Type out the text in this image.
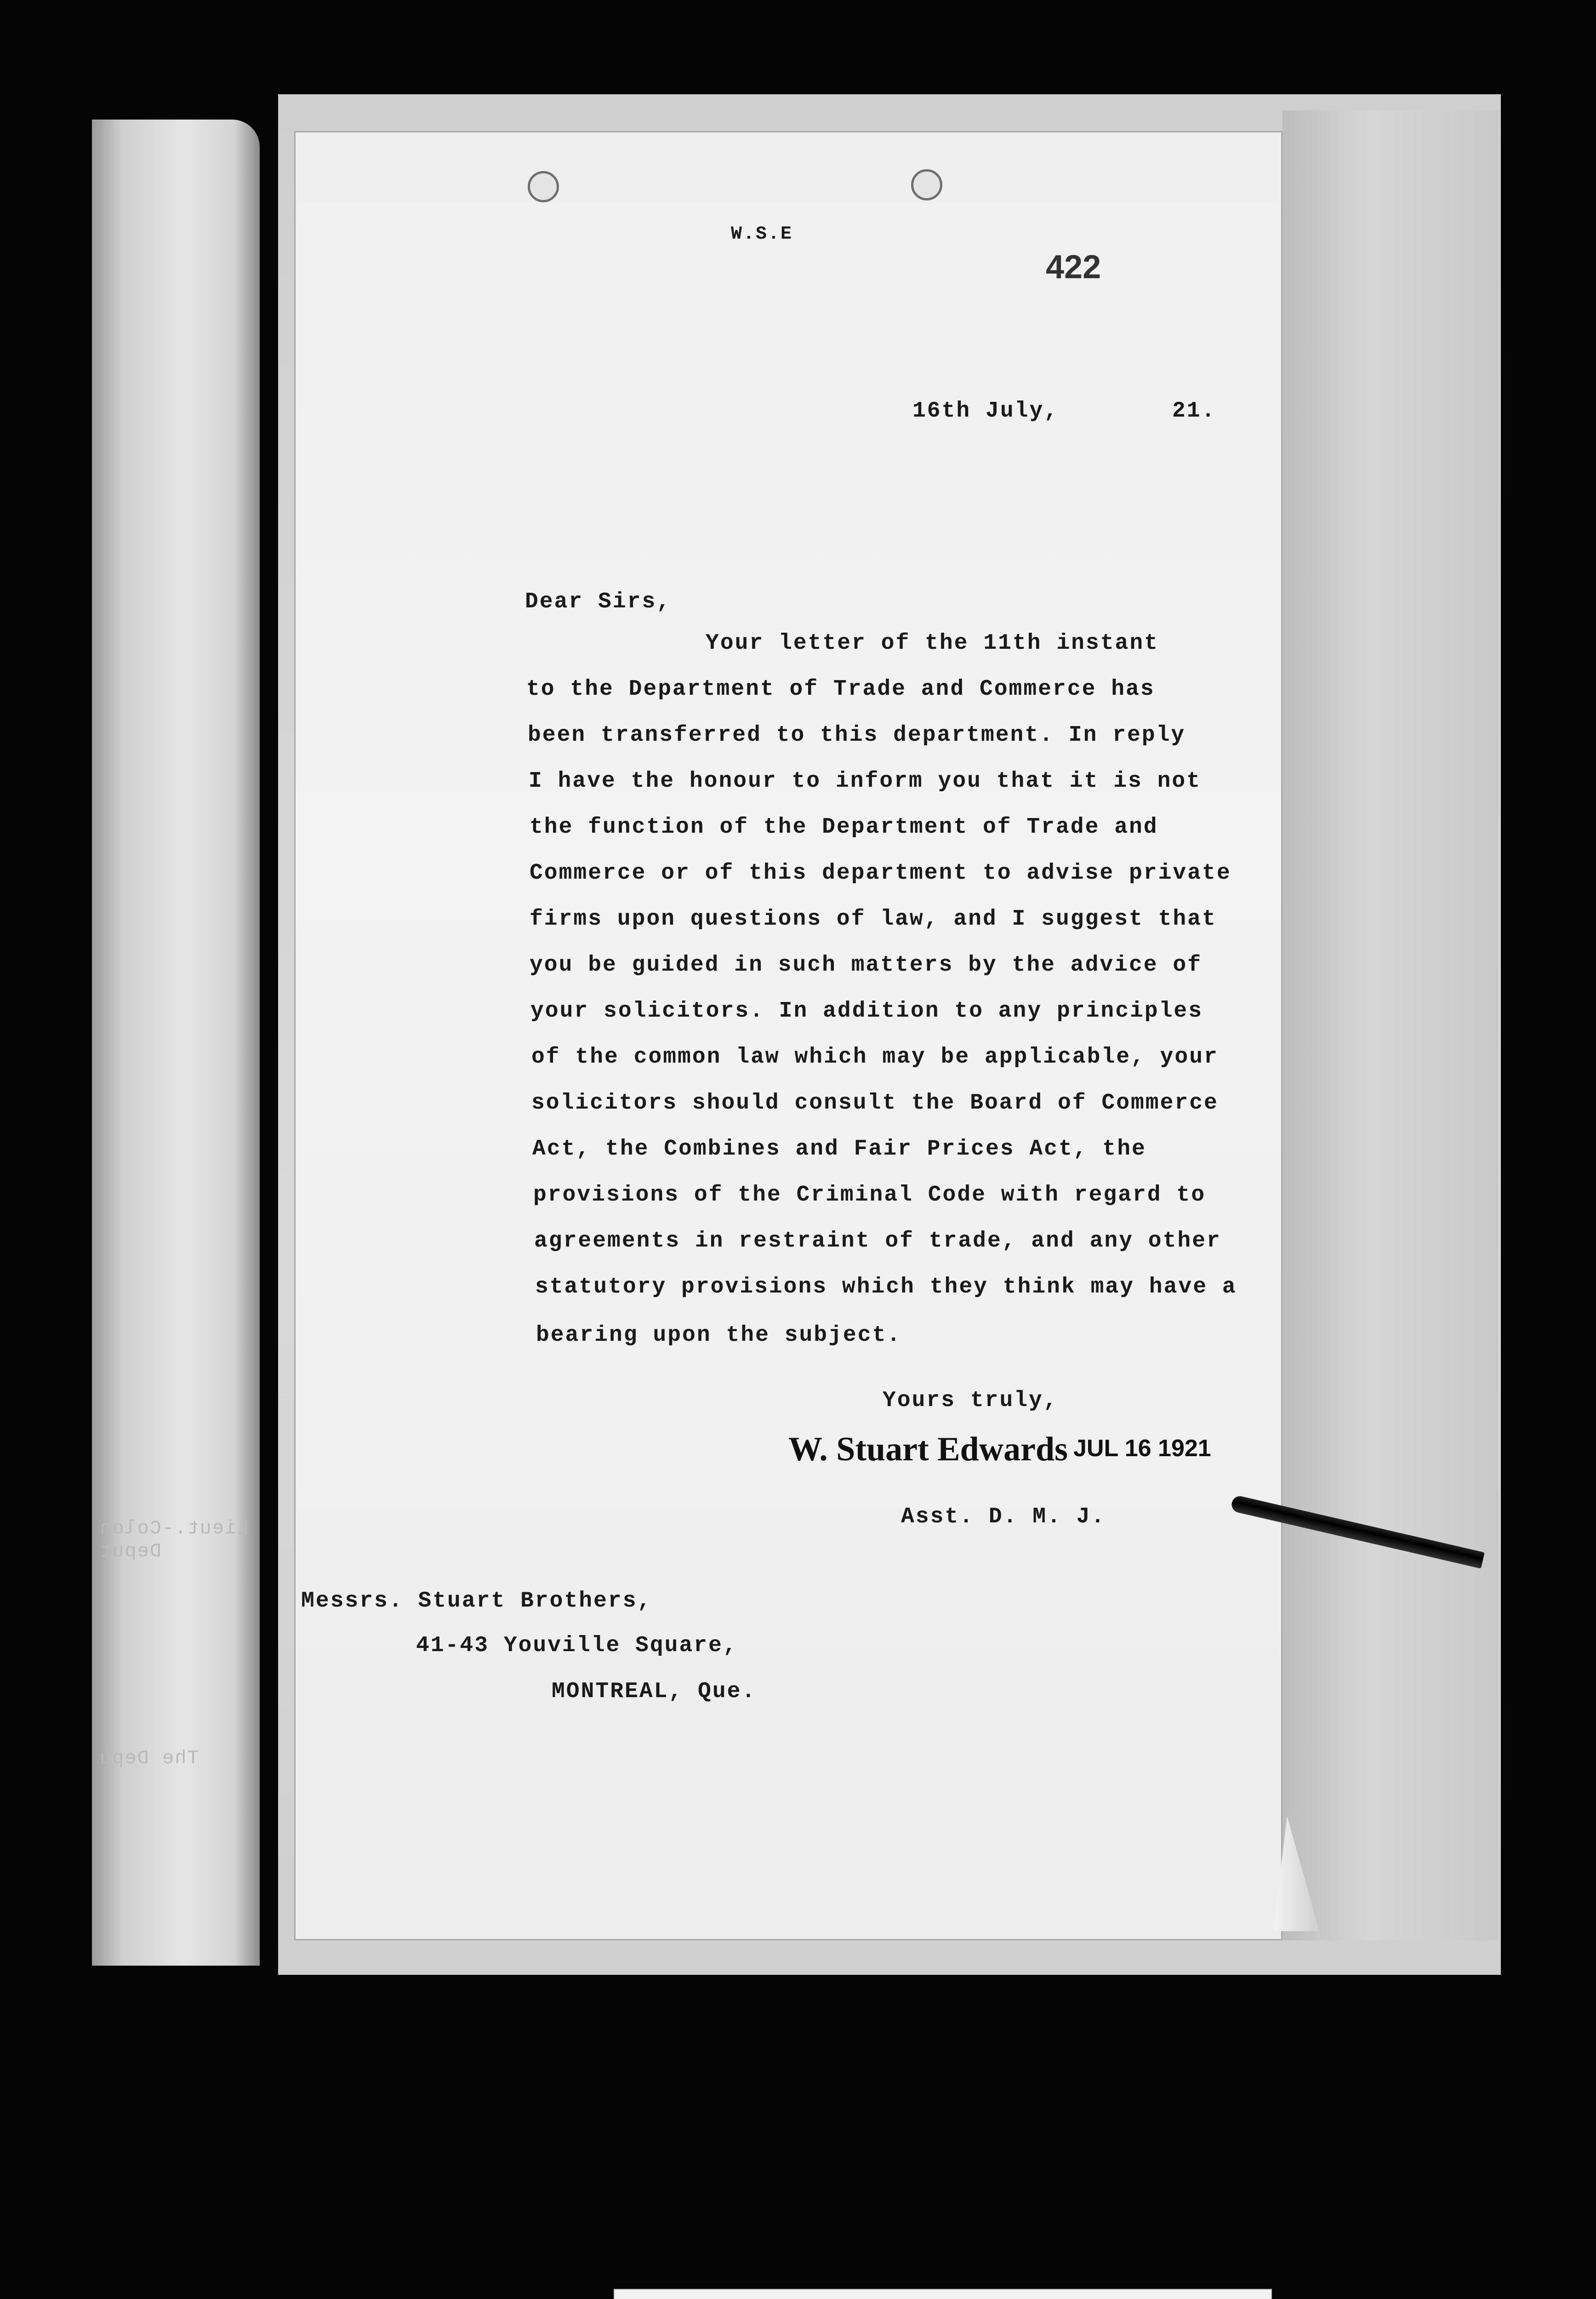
Lieut.-Colon
Deput
The Depu
W.S.E
422
16th July,	21.
Dear Sirs,
Your letter of the 11th instant
to the Department of Trade and Commerce has
been transferred to this department. In reply
I have the honour to inform you that it is not
the function of the Department of Trade and
Commerce or of this department to advise private
firms upon questions of law, and I suggest that
you be guided in such matters by the advice of
your solicitors. In addition to any principles
of the common law which may be applicable, your
solicitors should consult the Board of Commerce
Act, the Combines and Fair Prices Act, the
provisions of the Criminal Code with regard to
agreements in restraint of trade, and any other
statutory provisions which they think may have a
bearing upon the subject.
Yours truly,
W. Stuart Edwards JUL 16 1921
Asst. D. M. J.
Messrs. Stuart Brothers,
41-43 Youville Square,
MONTREAL, Que.
